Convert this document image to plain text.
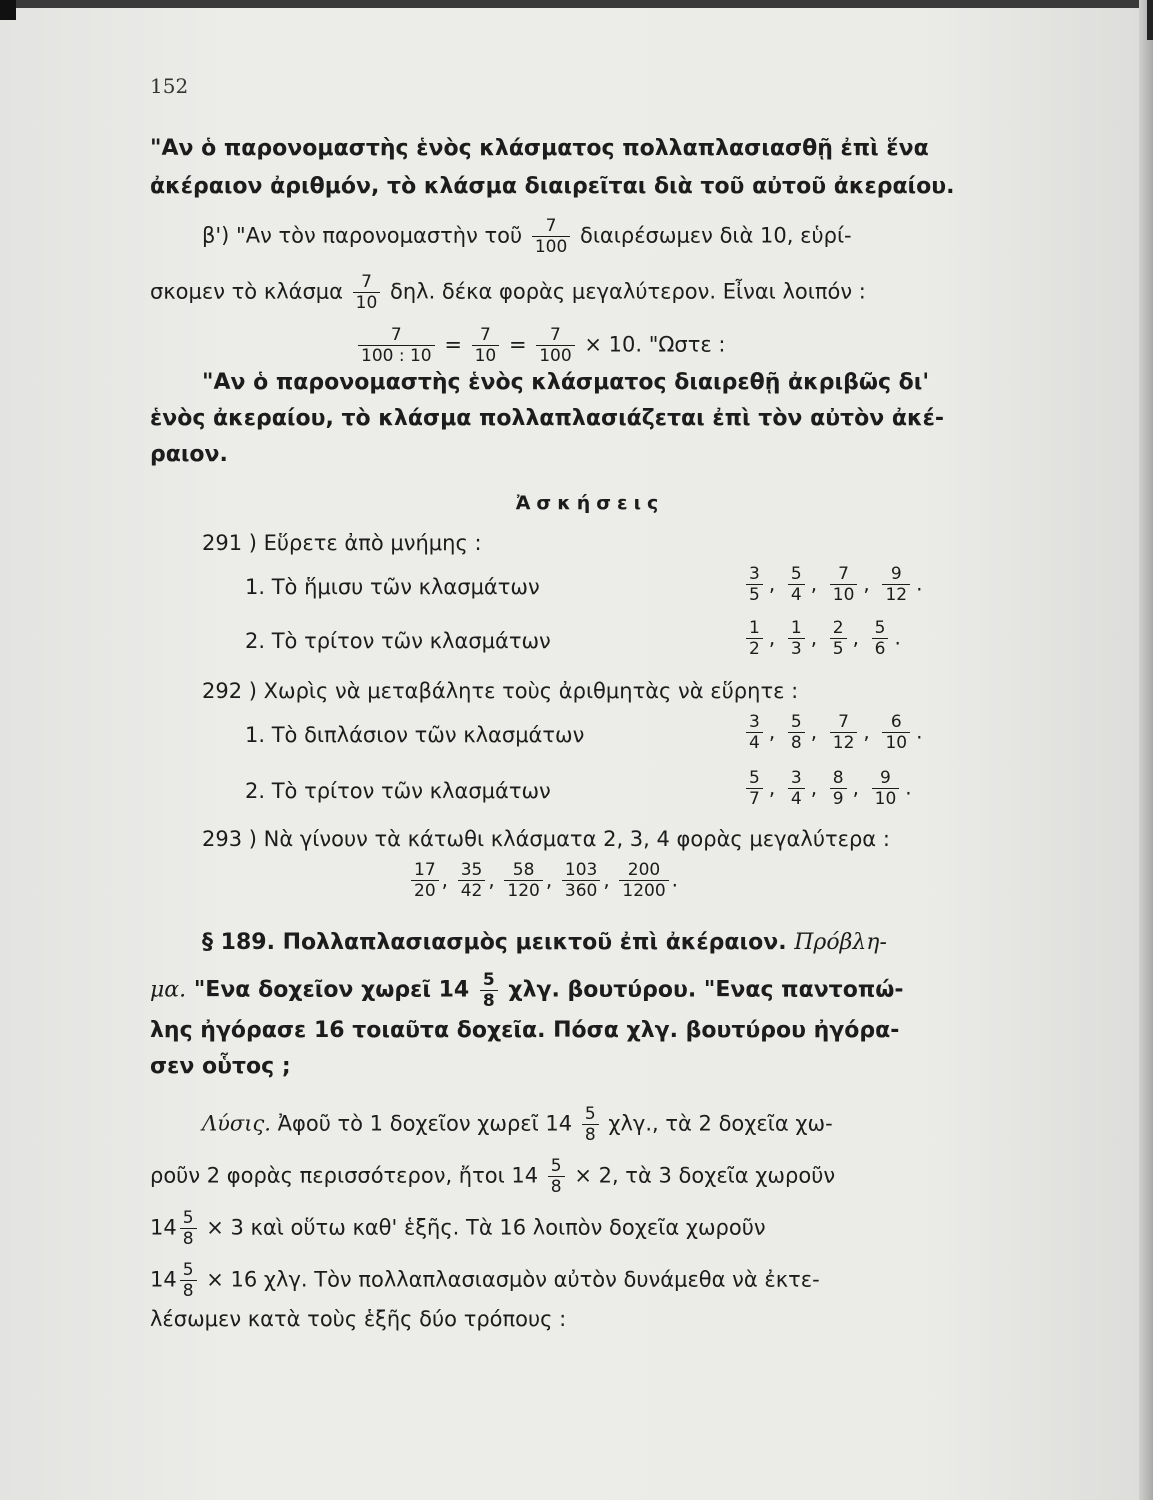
152
"Αν ὁ παρονομαστὴς ἑνὸς κλάσματος πολλαπλασιασθῇ ἐπὶ ἕνα
ἀκέραιον ἀριθμόν, τὸ κλάσμα διαιρεῖται διὰ τοῦ αὐτοῦ ἀκεραίου.
β') "Αν τὸν παρονομαστὴν τοῦ $\frac{7}{100}$ διαιρέσωμεν διὰ 10, εὑρί-
σκομεν τὸ κλάσμα $\frac{7}{10} \delta\eta\lambda$. δέκα φορὰς μεγαλύτερον. Εἶναι λοιπόν :
$\frac{7}{100 : 10} = \frac{7}{10} = \frac{7}{100} \times 10$. "Ωστε :
"Αν ὁ παρονομαστὴς ἑνὸς κλάσματος διαιρεθῇ ἀκριβῶς δι'
ἑνὸς ἀκεραίου, τὸ κλάσμα πολλαπλασιάζεται ἐπὶ τὸν αὐτὸν ἀκέ-
ραιον.
Ἀσκήσεις
291 ) Εὕρετε ἀπὸ μνήμης :
1. Τὸ ἥμισυ τῶν κλασμάτων	$\frac{3}{5}$ , $\frac{5}{4}$ , $\frac{7}{10}$ , $\frac{9}{12}$ .
2. Τὸ τρίτον τῶν κλασμάτων	$\frac{1}{2}$ , $\frac{1}{3}$ , $\frac{2}{5}$ , $\frac{5}{6}$ .
292 ) Χωρὶς νὰ μεταβάλητε τοὺς ἀριθμητὰς νὰ εὕρητε :
1. Τὸ διπλάσιον τῶν κλασμάτων	$\frac{3}{4}$ , $\frac{5}{8}$ , $\frac{7}{12}$ , $\frac{6}{10}$ .
2. Τὸ τρίτον τῶν κλασμάτων	$\frac{5}{7}$ , $\frac{3}{4}$ , $\frac{8}{9}$ , $\frac{9}{10}$ .
293 ) Νὰ γίνουν τὰ κάτωθι κλάσματα 2, 3, 4 φορὰς μεγαλύτερα :
$\frac{17}{20}$ , $\frac{35}{42}$ , $\frac{58}{120}$ , $\frac{103}{360}$ , $\frac{200}{1200}$ .
§ 189. Πολλαπλασιασμὸς μεικτοῦ ἐπὶ ἀκέραιον. Πρόβλη-
μα. "Ενα δοχεῖον χωρεῖ $14 \frac{5}{8} \chi\lambda\gamma$. βουτύρου. "Ενας παντοπώ-
λης ἠγόρασε 16 τοιαῦτα δοχεῖα. Πόσα χλγ. βουτύρου ἠγόρα-
σεν οὗτος ;
Λύσις. Ἀφοῦ τὸ 1 δοχεῖον χωρεῖ $14 \frac{5}{8} \chi\lambda\gamma$., τὰ 2 δοχεῖα χω-
ροῦν 2 φορὰς περισσότερον, ἤτοι $14 \frac{5}{8} \times 2$, τὰ 3 δοχεῖα χωροῦν
$14 \frac{5}{8} \times 3$ καὶ οὕτω καθ' ἑξῆς. Τὰ 16 λοιπὸν δοχεῖα χωροῦν
$14 \frac{5}{8} \times 16$ χλγ. Τὸν πολλαπλασιασμὸν αὐτὸν δυνάμεθα νὰ ἐκτε-
λέσωμεν κατὰ τοὺς ἑξῆς δύο τρόπους :
